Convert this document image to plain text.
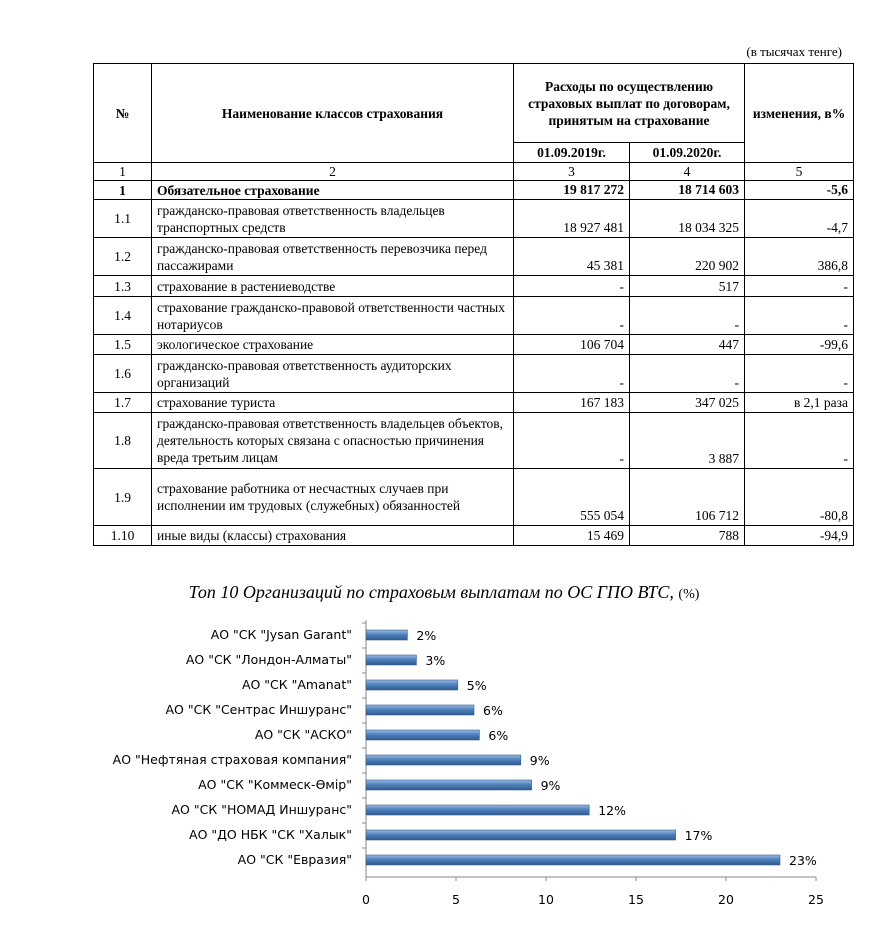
(в тысячах тенге)
№	Наименование классов страхования	Расходы по осуществлению страховых выплат по договорам, принятым на страхование		изменения, в%
		01.09.2019г.	01.09.2020г.	
1	2	3	4	5
1	Обязательное страхование	19 817 272	18 714 603	-5,6
1.1	гражданско-правовая ответственность владельцев транспортных средств	18 927 481	18 034 325	-4,7
1.2	гражданско-правовая ответственность перевозчика перед пассажирами	45 381	220 902	386,8
1.3	страхование в растениеводстве	-	517	-
1.4	страхование гражданско-правовой ответственности частных нотариусов	-	-	-
1.5	экологическое страхование	106 704	447	-99,6
1.6	гражданско-правовая ответственность аудиторских организаций	-	-	-
1.7	страхование туриста	167 183	347 025	в 2,1 раза
1.8	гражданско-правовая ответственность владельцев объектов, деятельность которых связана с опасностью причинения вреда третьим лицам	-	3 887	-
1.9	страхование работника от несчастных случаев при исполнении им трудовых (служебных) обязанностей	555 054	106 712	-80,8
1.10	иные виды (классы) страхования	15 469	788	-94,9
Топ 10 Организаций по страховым выплатам по ОС ГПО ВТС, (%)
АО "СК "Jysan Garant"	2%
АО "СК "Лондон-Алматы"	3%
АО "СК "Amanat"	5%
АО "СК "Сентрас Иншуранс"	6%
АО "СК "АСКО"	6%
АО "Нефтяная страховая компания"	9%
АО "СК "Коммеск-Өмір"	9%
АО "СК "НОМАД Иншуранс"	12%
АО "ДО НБК "СК "Халык"	17%
АО "СК "Евразия"	23%
0	5	10	15	20	25
